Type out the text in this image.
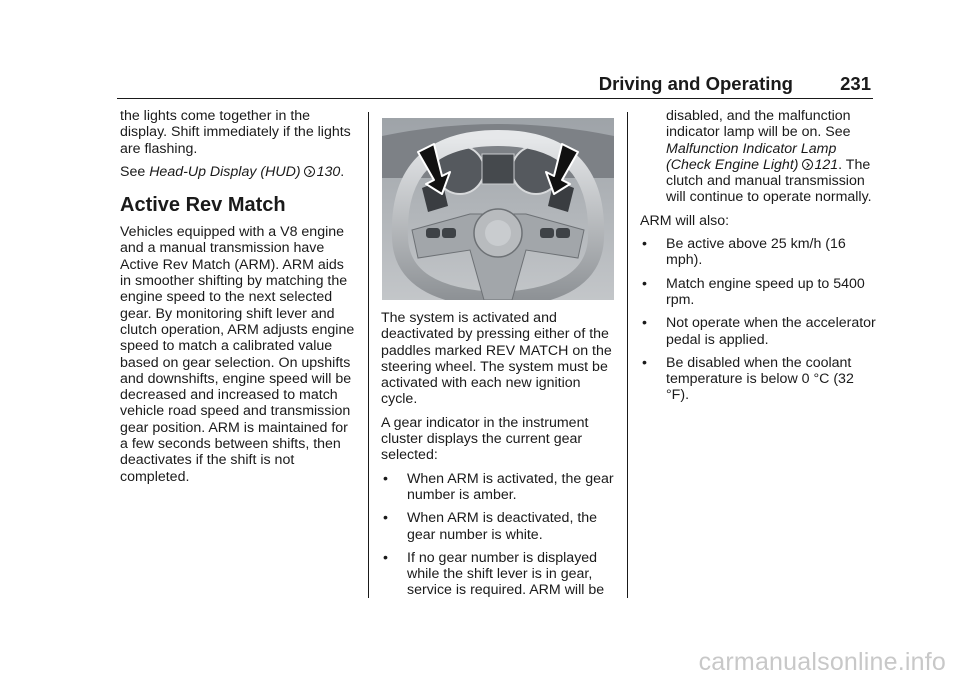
Driving and Operating	231

the lights come together in the display. Shift immediately if the lights are flashing.

See Head-Up Display (HUD) 130.

Active Rev Match

Vehicles equipped with a V8 engine and a manual transmission have Active Rev Match (ARM). ARM aids in smoother shifting by matching the engine speed to the next selected gear. By monitoring shift lever and clutch operation, ARM adjusts engine speed to match a calibrated value based on gear selection. On upshifts and downshifts, engine speed will be decreased and increased to match vehicle road speed and transmission gear position. ARM is maintained for a few seconds between shifts, then deactivates if the shift is not completed.

The system is activated and deactivated by pressing either of the paddles marked REV MATCH on the steering wheel. The system must be activated with each new ignition cycle.

A gear indicator in the instrument cluster displays the current gear selected:

•	When ARM is activated, the gear number is amber.
•	When ARM is deactivated, the gear number is white.
•	If no gear number is displayed while the shift lever is in gear, service is required. ARM will be
disabled, and the malfunction indicator lamp will be on. See Malfunction Indicator Lamp (Check Engine Light) 121. The clutch and manual transmission will continue to operate normally.

ARM will also:

•	Be active above 25 km/h (16 mph).
•	Match engine speed up to 5400 rpm.
•	Not operate when the accelerator pedal is applied.
•	Be disabled when the coolant temperature is below 0 °C (32 °F).
carmanualsonline.info
